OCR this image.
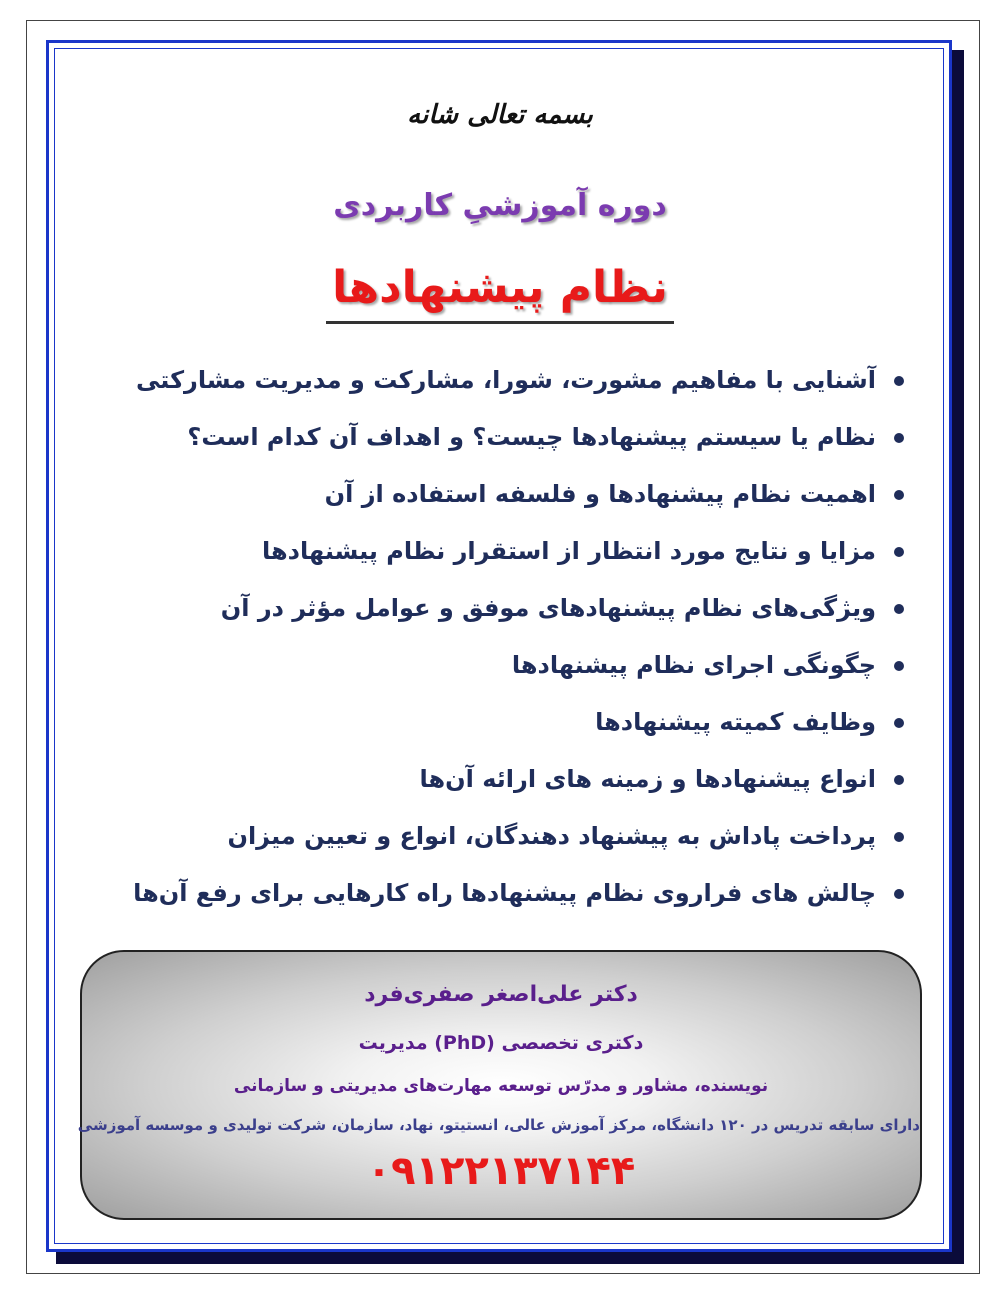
بسمه تعالی شانه
دوره آموزشیِ کاربردی
نظام پیشنهادها
آشنایی با مفاهیم مشورت، شورا، مشارکت و مدیریت مشارکتی
نظام یا سیستم پیشنهادها چیست؟ و اهداف آن کدام است؟
اهمیت نظام پیشنهادها و فلسفه استفاده از آن
مزایا و نتایج مورد انتظار از استقرار نظام پیشنهادها
ویژگی‌های نظام پیشنهادهای موفق و عوامل مؤثر در آن
چگونگی اجرای نظام پیشنهادها
وظایف کمیته پیشنهادها
انواع پیشنهادها و زمینه های ارائه آن‌ها
پرداخت پاداش به پیشنهاد دهندگان، انواع و تعیین میزان
چالش های فراروی نظام پیشنهادها راه کارهایی برای رفع آن‌ها
دکتر علی‌اصغر صفری‌فرد
دکتری تخصصی (PhD) مدیریت
نویسنده، مشاور و مدرّس توسعه مهارت‌های مدیریتی و سازمانی
دارای سابقه تدریس در ۱۲۰ دانشگاه، مرکز آموزش عالی، انستیتو، نهاد، سازمان، شرکت تولیدی و موسسه آموزشی
۰۹۱۲۲۱۳۷۱۴۴
